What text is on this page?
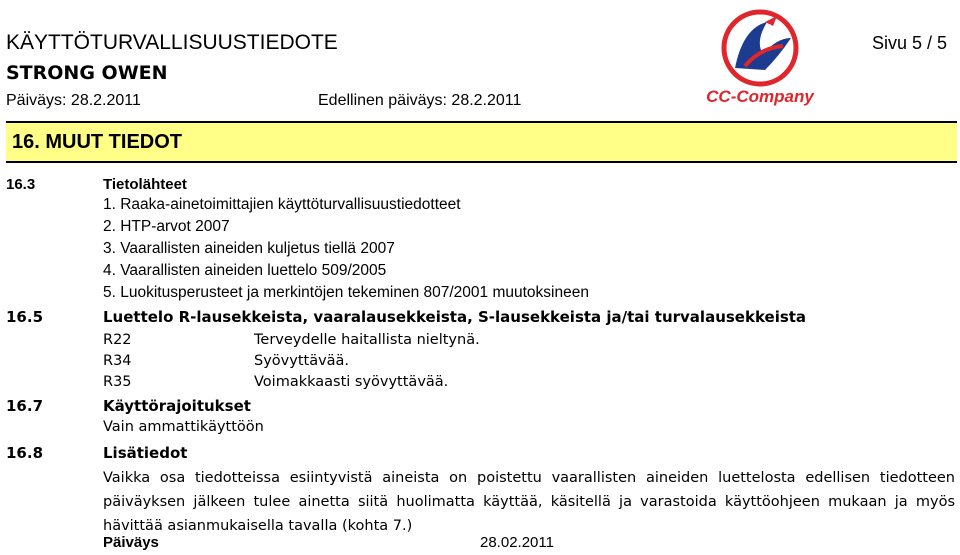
KÄYTTÖTURVALLISUUSTIEDOTE
STRONG OWEN
Päiväys: 28.2.2011	Edellinen päiväys: 28.2.2011
Sivu 5 / 5
CC-Company
16. MUUT TIEDOT
16.3	Tietolähteet
1. Raaka-ainetoimittajien käyttöturvallisuustiedotteet
2. HTP-arvot 2007
3. Vaarallisten aineiden kuljetus tiellä 2007
4. Vaarallisten aineiden luettelo 509/2005
5. Luokitusperusteet ja merkintöjen tekeminen 807/2001 muutoksineen
16.5	Luettelo R-lausekkeista, vaaralausekkeista, S-lausekkeista ja/tai turvalausekkeista
R22	Terveydelle haitallista nieltynä.
R34	Syövyttävää.
R35	Voimakkaasti syövyttävää.
16.7	Käyttörajoitukset
Vain ammattikäyttöön
16.8	Lisätiedot
Vaikka osa tiedotteissa esiintyvistä aineista on poistettu vaarallisten aineiden luettelosta edellisen tiedotteen päiväyksen jälkeen tulee ainetta siitä huolimatta käyttää, käsitellä ja varastoida käyttöohjeen mukaan ja myös hävittää asianmukaisella tavalla (kohta 7.)
Päiväys	28.02.2011
